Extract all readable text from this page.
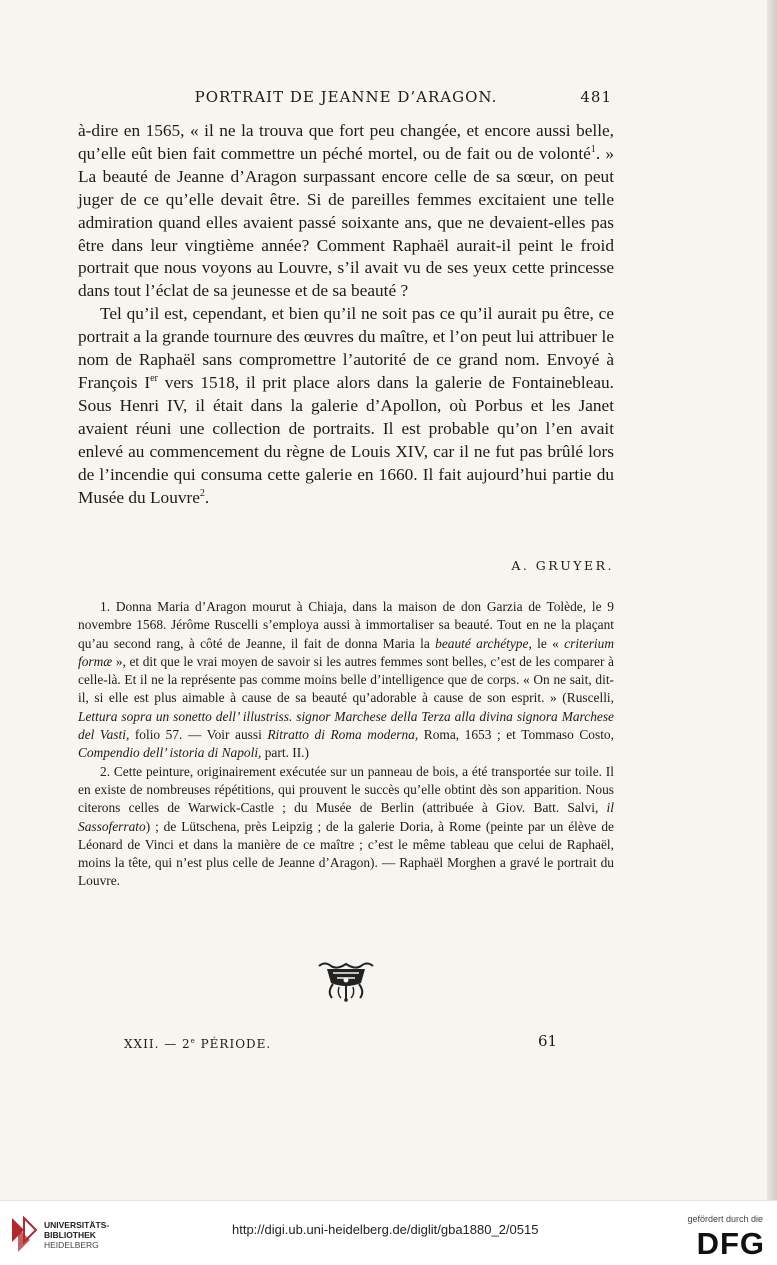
PORTRAIT DE JEANNE D’ARAGON.	481

à-dire en 1565, « il ne la trouva que fort peu changée, et encore aussi belle, qu’elle eût bien fait commettre un péché mortel, ou de fait ou de volonté$^1$. » La beauté de Jeanne d’Aragon surpassant encore celle de sa sœur, on peut juger de ce qu’elle devait être. Si de pareilles femmes excitaient une telle admiration quand elles avaient passé soixante ans, que ne devaient-elles pas être dans leur vingtième année? Comment Raphaël aurait-il peint le froid portrait que nous voyons au Louvre, s’il avait vu de ses yeux cette princesse dans tout l’éclat de sa jeunesse et de sa beauté ?

Tel qu’il est, cependant, et bien qu’il ne soit pas ce qu’il aurait pu être, ce portrait a la grande tournure des œuvres du maître, et l’on peut lui attribuer le nom de Raphaël sans compromettre l’autorité de ce grand nom. Envoyé à François Ier vers 1518, il prit place alors dans la galerie de Fontainebleau. Sous Henri IV, il était dans la galerie d’Apollon, où Porbus et les Janet avaient réuni une collection de portraits. Il est probable qu’on l’en avait enlevé au commencement du règne de Louis XIV, car il ne fut pas brûlé lors de l’incendie qui consuma cette galerie en 1660. Il fait aujourd’hui partie du Musée du Louvre$^2$.

A. GRUYER.

1. Donna Maria d’Aragon mourut à Chiaja, dans la maison de don Garzia de Tolède, le 9 novembre 1568. Jérôme Ruscelli s’employa aussi à immortaliser sa beauté. Tout en ne la plaçant qu’au second rang, à côté de Jeanne, il fait de donna Maria la beauté archétype, le « criterium formæ », et dit que le vrai moyen de savoir si les autres femmes sont belles, c’est de les comparer à celle-là. Et il ne la représente pas comme moins belle d’intelligence que de corps. « On ne sait, dit-il, si elle est plus aimable à cause de sa beauté qu’adorable à cause de son esprit. » (Ruscelli, Lettura sopra un sonetto dell’ illustriss. signor Marchese della Terza alla divina signora Marchese del Vasti, folio 57. — Voir aussi Ritratto di Roma moderna, Roma, 1653 ; et Tommaso Costo, Compendio dell’ istoria di Napoli, part. II.)

2. Cette peinture, originairement exécutée sur un panneau de bois, a été transportée sur toile. Il en existe de nombreuses répétitions, qui prouvent le succès qu’elle obtint dès son apparition. Nous citerons celles de Warwick-Castle ; du Musée de Berlin (attribuée à Giov. Batt. Salvi, il Sassoferrato) ; de Lütschena, près Leipzig ; de la galerie Doria, à Rome (peinte par un élève de Léonard de Vinci et dans la manière de ce maître ; c’est le même tableau que celui de Raphaël, moins la tête, qui n’est plus celle de Jeanne d’Aragon). — Raphaël Morghen a gravé le portrait du Louvre.

XXII. — 2e PÉRIODE.	61
UNIVERSITÄTS-
BIBLIOTHEK
HEIDELBERG
http://digi.ub.uni-heidelberg.de/diglit/gba1880_2/0515
gefördert durch die
DFG
